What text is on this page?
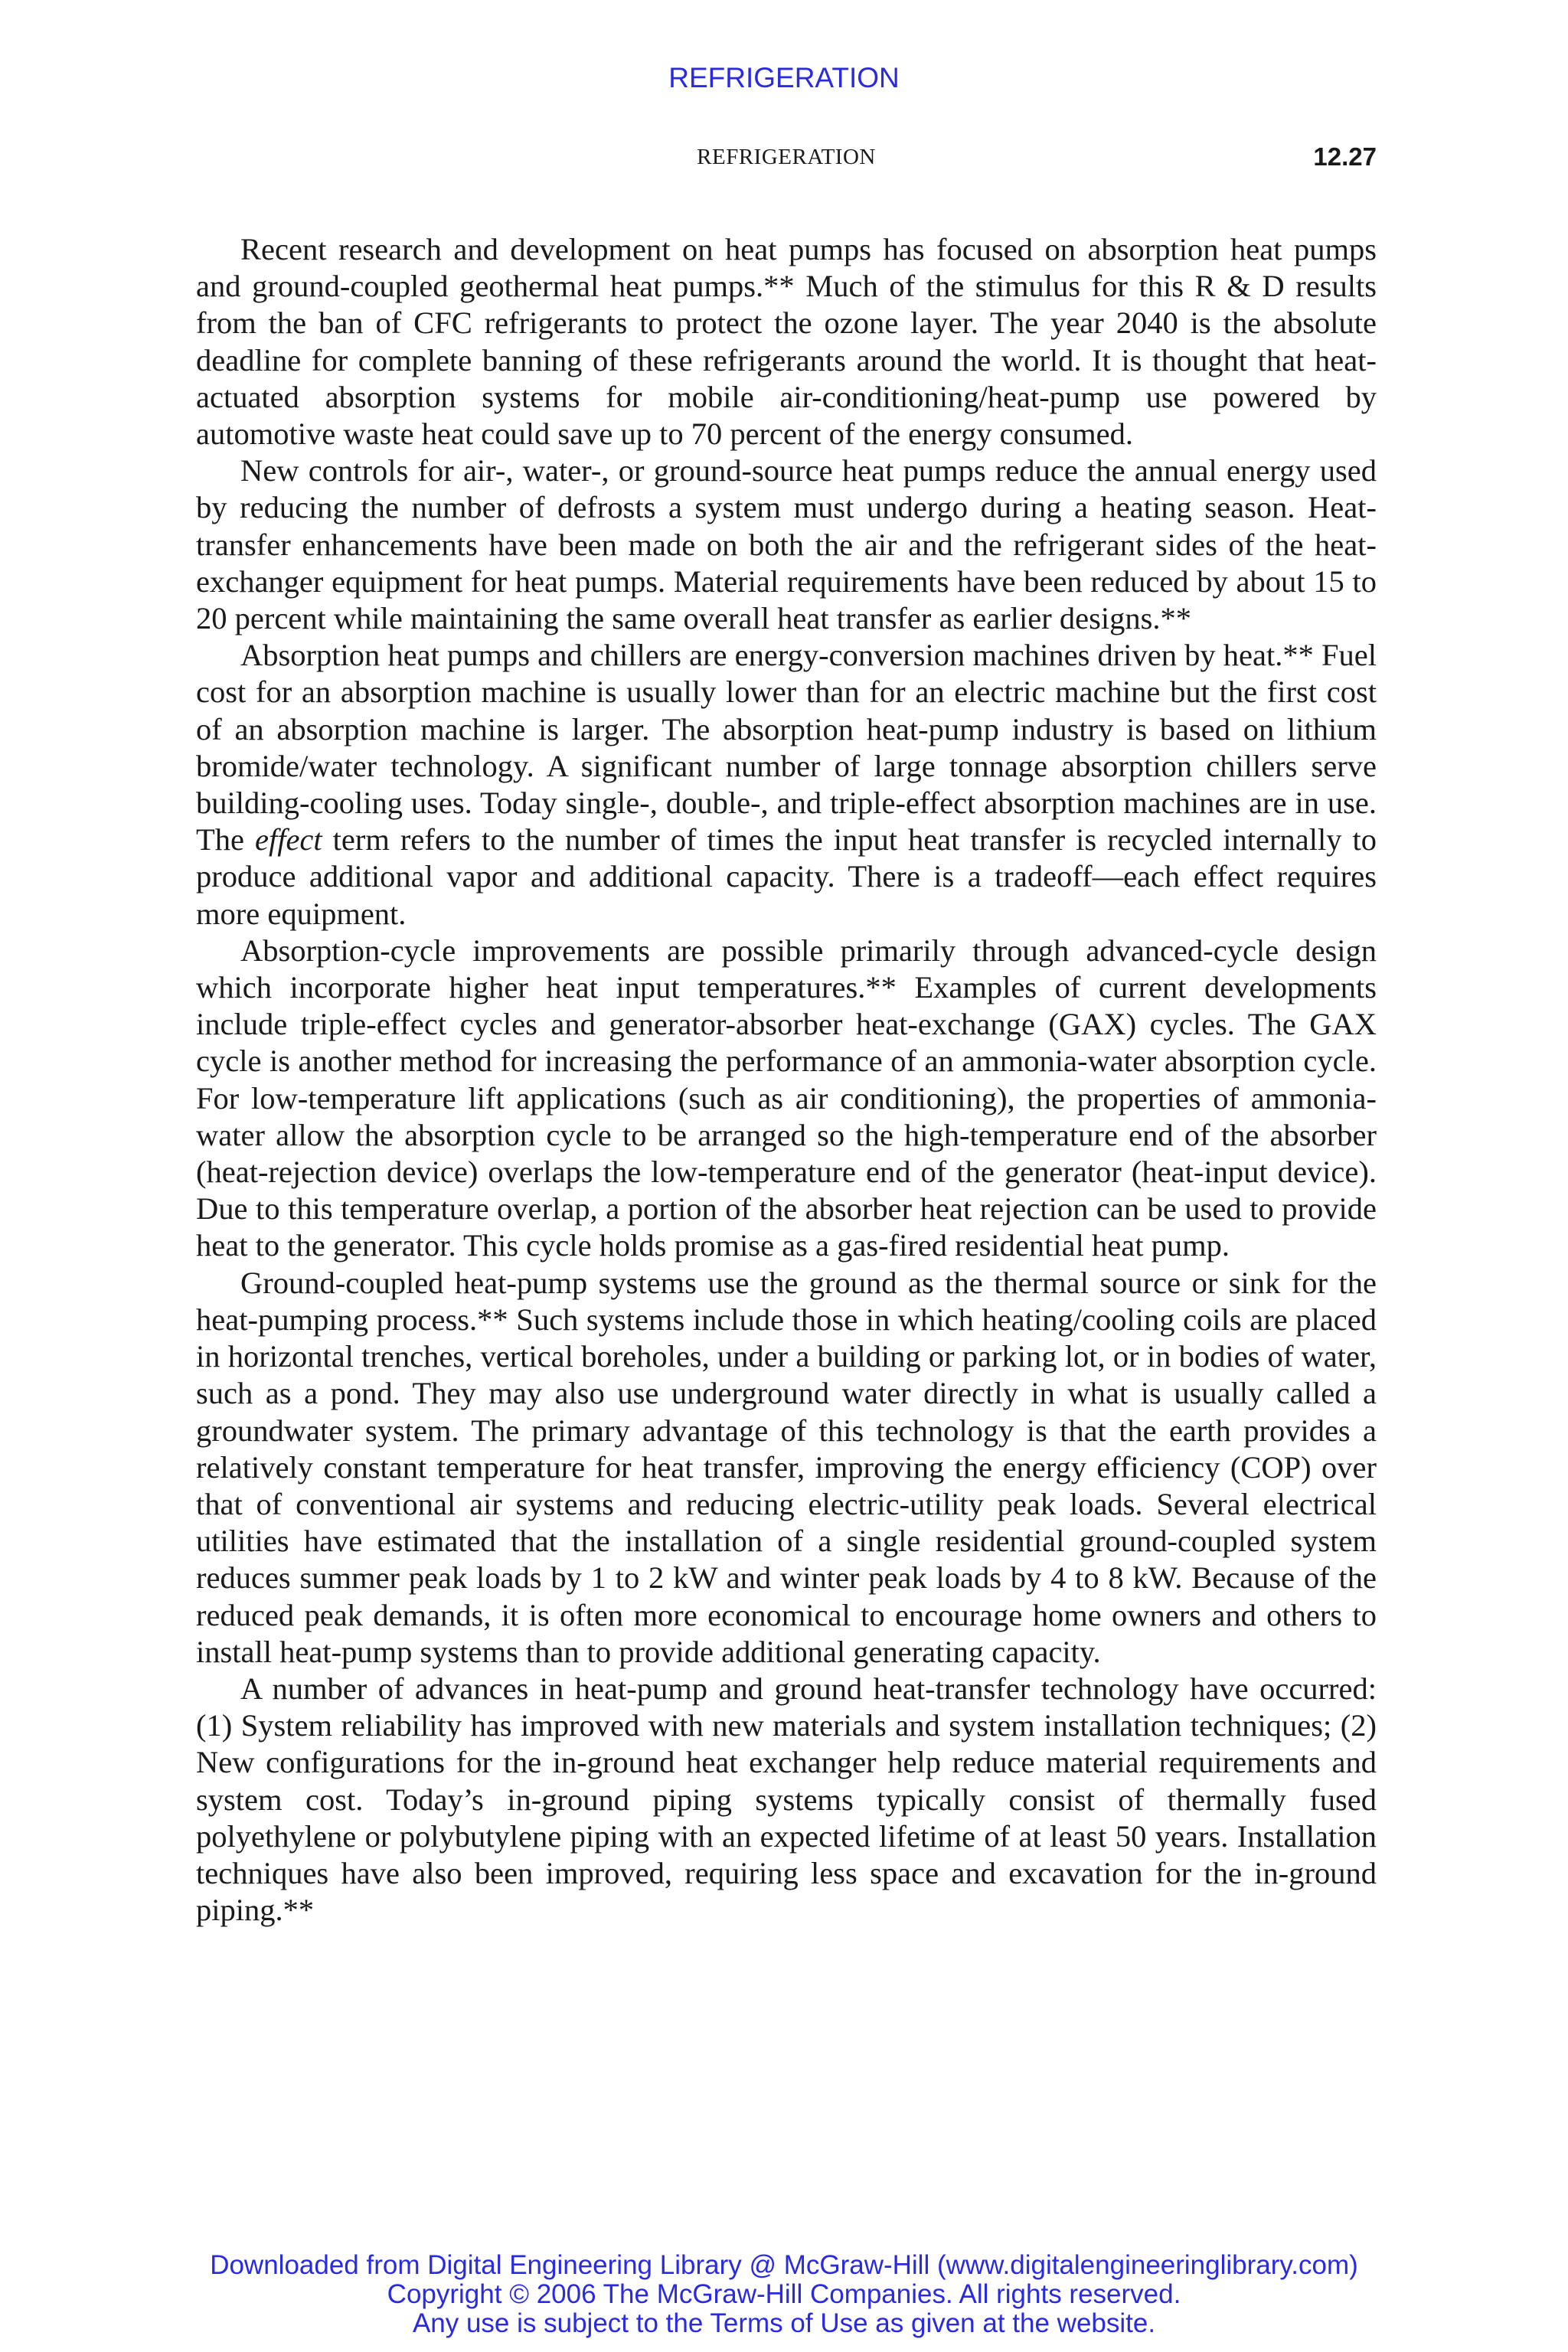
REFRIGERATION
REFRIGERATION	12.27

Recent research and development on heat pumps has focused on absorption heat pumps and ground-coupled geothermal heat pumps.** Much of the stimulus for this R & D results from the ban of CFC refrigerants to protect the ozone layer. The year 2040 is the absolute deadline for complete banning of these refrigerants around the world. It is thought that heat-actuated absorption systems for mobile air-conditioning/heat-pump use powered by automotive waste heat could save up to 70 percent of the energy consumed.

New controls for air-, water-, or ground-source heat pumps reduce the annual energy used by reducing the number of defrosts a system must undergo during a heating season. Heat-transfer enhancements have been made on both the air and the refrigerant sides of the heat-exchanger equipment for heat pumps. Material requirements have been reduced by about 15 to 20 percent while maintaining the same overall heat transfer as earlier designs.**

Absorption heat pumps and chillers are energy-conversion machines driven by heat.** Fuel cost for an absorption machine is usually lower than for an electric machine but the first cost of an absorption machine is larger. The absorption heat-pump industry is based on lithium bromide/water technology. A significant number of large tonnage absorption chillers serve building-cooling uses. Today single-, double-, and triple-effect absorption machines are in use. The effect term refers to the number of times the input heat transfer is recycled internally to produce additional vapor and additional capacity. There is a tradeoff—each effect requires more equipment.

Absorption-cycle improvements are possible primarily through advanced-cycle design which incorporate higher heat input temperatures.** Examples of current developments include triple-effect cycles and generator-absorber heat-exchange (GAX) cycles. The GAX cycle is another method for increasing the performance of an ammonia-water absorption cycle. For low-temperature lift applications (such as air conditioning), the properties of ammonia-water allow the absorption cycle to be arranged so the high-temperature end of the absorber (heat-rejection device) overlaps the low-temperature end of the generator (heat-input device). Due to this temperature overlap, a portion of the absorber heat rejection can be used to provide heat to the generator. This cycle holds promise as a gas-fired residential heat pump.

Ground-coupled heat-pump systems use the ground as the thermal source or sink for the heat-pumping process.** Such systems include those in which heating/cooling coils are placed in horizontal trenches, vertical boreholes, under a building or parking lot, or in bodies of water, such as a pond. They may also use underground water directly in what is usually called a groundwater system. The primary advantage of this technology is that the earth provides a relatively constant temperature for heat transfer, improving the energy efficiency (COP) over that of conventional air systems and reducing electric-utility peak loads. Several electrical utilities have estimated that the installation of a single residential ground-coupled system reduces summer peak loads by 1 to 2 kW and winter peak loads by 4 to 8 kW. Because of the reduced peak demands, it is often more economical to encourage home owners and others to install heat-pump systems than to provide additional generating capacity.

A number of advances in heat-pump and ground heat-transfer technology have occurred: (1) System reliability has improved with new materials and system installation techniques; (2) New configurations for the in-ground heat exchanger help reduce material requirements and system cost. Today’s in-ground piping systems typically consist of thermally fused polyethylene or polybutylene piping with an expected lifetime of at least 50 years. Installation techniques have also been improved, requiring less space and excavation for the in-ground piping.**

Downloaded from Digital Engineering Library @ McGraw-Hill (www.digitalengineeringlibrary.com)
Copyright © 2006 The McGraw-Hill Companies. All rights reserved.
Any use is subject to the Terms of Use as given at the website.
